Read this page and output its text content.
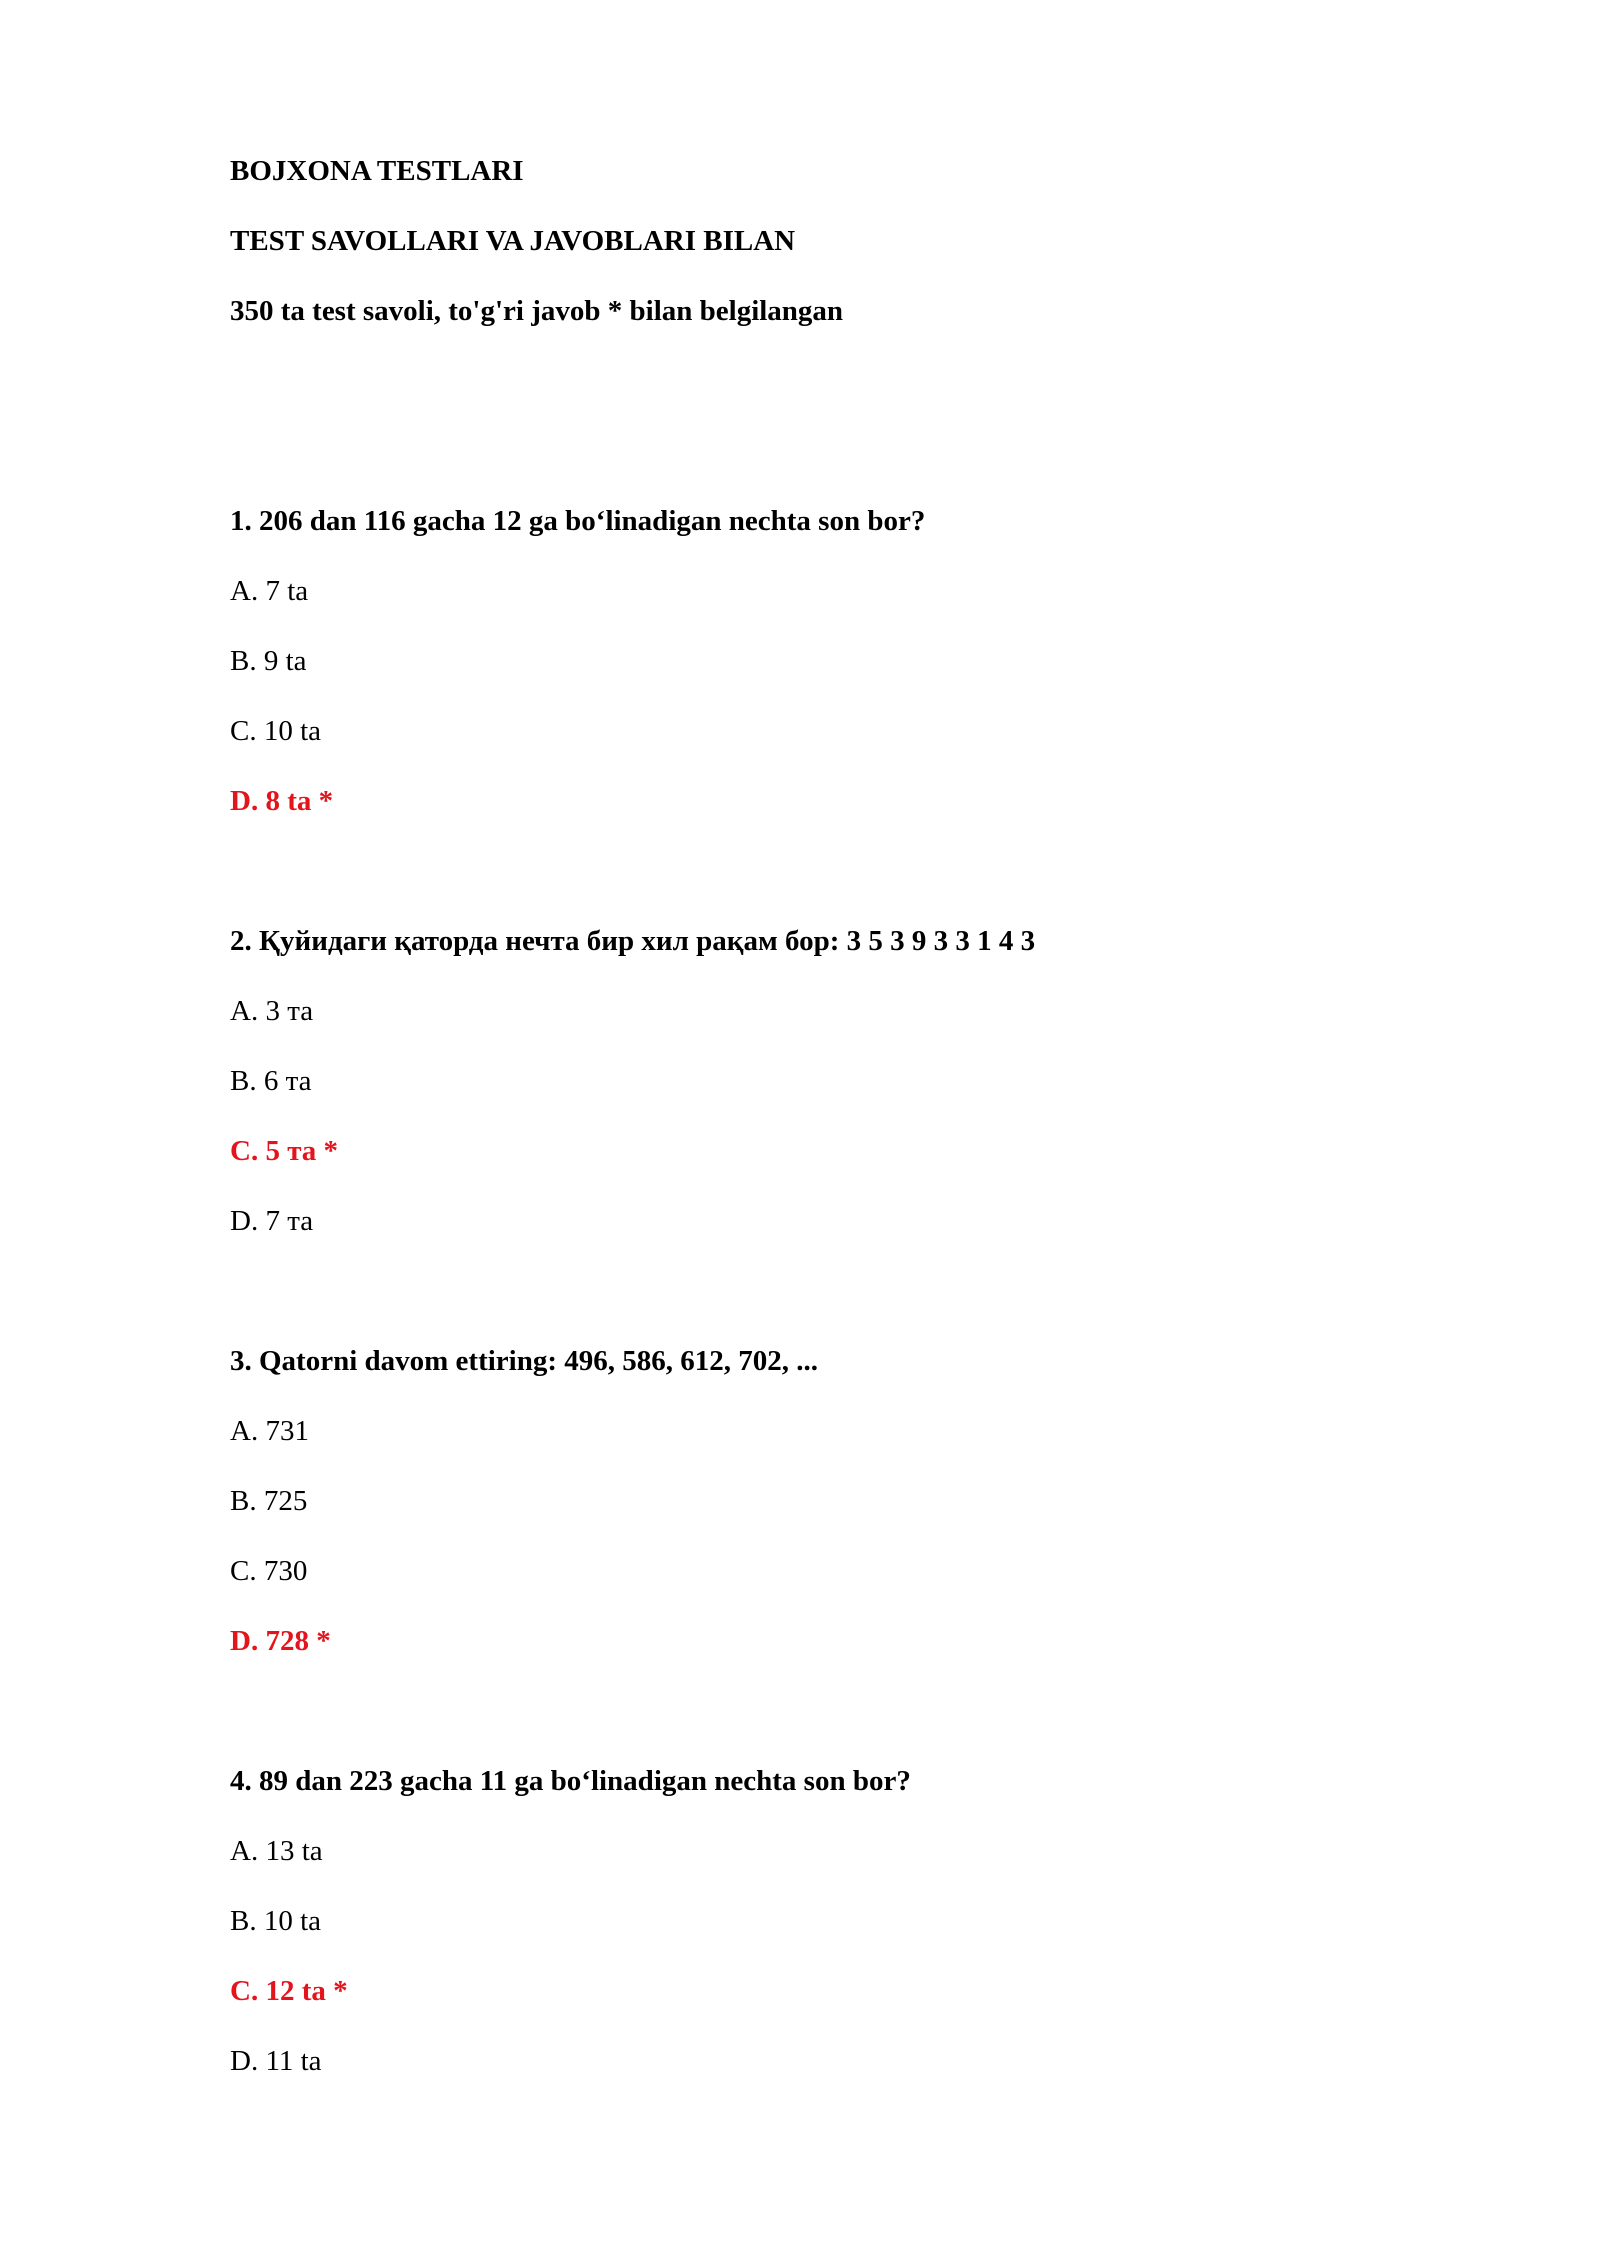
BOJXONA TESTLARI
TEST SAVOLLARI VA JAVOBLARI BILAN
350 ta test savoli, to'g'ri javob * bilan belgilangan
1. 206 dan 116 gacha 12 ga bo‘linadigan nechta son bor?
A. 7 ta
B. 9 ta
C. 10 ta
D. 8 ta *
2. Қуйидаги қаторда нечта бир хил рақам бор: 3 5 3 9 3 3 1 4 3
A. 3 та
B. 6 та
C. 5 та *
D. 7 та
3. Qatorni davom ettiring: 496, 586, 612, 702, ...
A. 731
B. 725
C. 730
D. 728 *
4. 89 dan 223 gacha 11 ga bo‘linadigan nechta son bor?
A. 13 ta
B. 10 ta
C. 12 ta *
D. 11 ta
